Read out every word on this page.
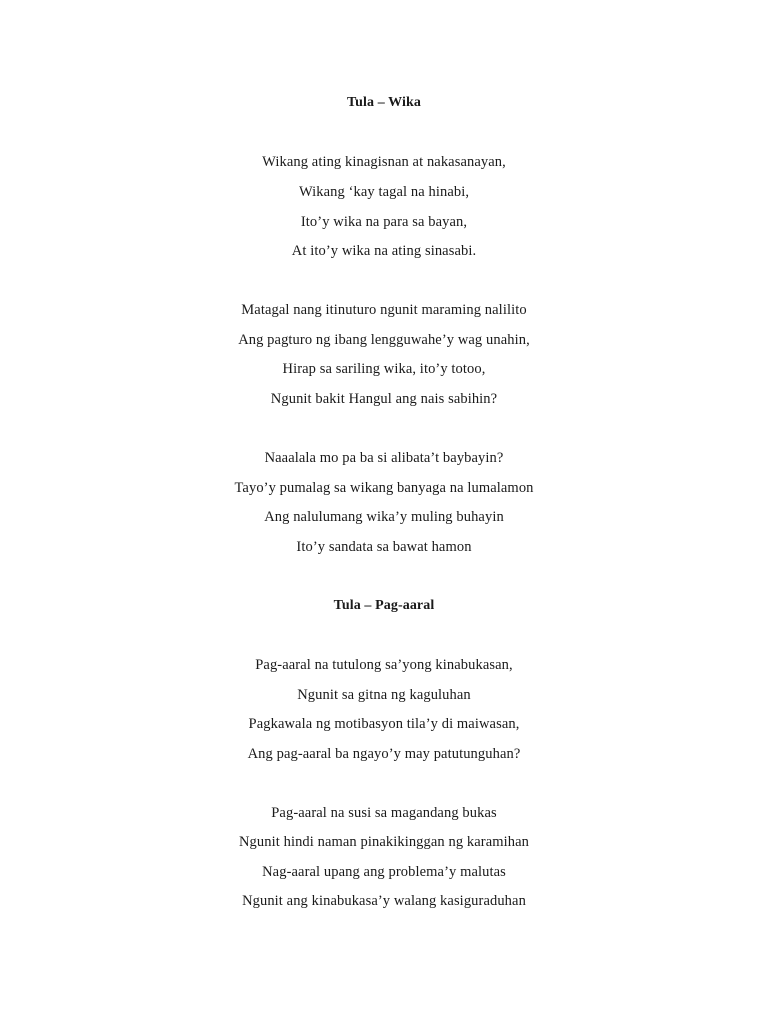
Tula – Wika
Wikang ating kinagisnan at nakasanayan,
Wikang ‘kay tagal na hinabi,
Ito’y wika na para sa bayan,
At ito’y wika na ating sinasabi.
Matagal nang itinuturo ngunit maraming nalilito
Ang pagturo ng ibang lengguwahe’y wag unahin,
Hirap sa sariling wika, ito’y totoo,
Ngunit bakit Hangul ang nais sabihin?
Naaalala mo pa ba si alibata’t baybayin?
Tayo’y pumalag sa wikang banyaga na lumalamon
Ang nalulumang wika’y muling buhayin
Ito’y sandata sa bawat hamon
Tula – Pag-aaral
Pag-aaral na tutulong sa’yong kinabukasan,
Ngunit sa gitna ng kaguluhan
Pagkawala ng motibasyon tila’y di maiwasan,
Ang pag-aaral ba ngayo’y may patutunguhan?
Pag-aaral na susi sa magandang bukas
Ngunit hindi naman pinakikinggan ng karamihan
Nag-aaral upang ang problema’y malutas
Ngunit ang kinabukasa’y walang kasiguraduhan
